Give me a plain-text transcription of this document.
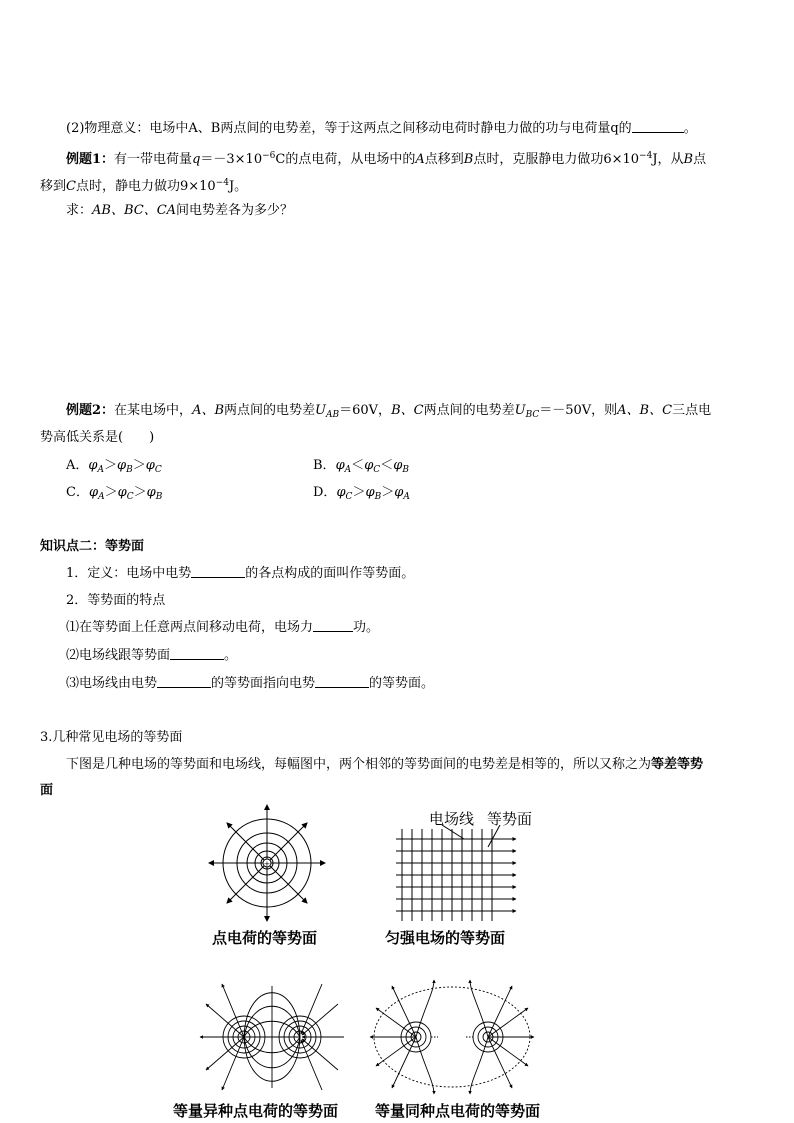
(2)物理意义：电场中A、B两点间的电势差，等于这两点之间移动电荷时静电力做的功与电荷量q的	。
例题1：有一带电荷量$q=-3\times 10^{-6}C$的点电荷，从电场中的A点移到B点时，克服静电力做功$6\times 10^{-4}J$，从B点
移到C点时，静电力做功$9\times 10^{-4}J$。
求：AB、BC、CA间电势差各为多少？
例题2：在某电场中，A、B两点间的电势差$U_{AB}=60V$，B、C两点间的电势差$U_{BC}=-50V$，则A、B、C三点电
势高低关系是(　　)
A．$\varphi_A>\varphi_B>\varphi_C$	B．$\varphi_A<\varphi_C<\varphi_B$
C．$\varphi_A>\varphi_C>\varphi_B$	D．$\varphi_C>\varphi_B>\varphi_A$
知识点二：等势面
1．定义：电场中电势	的各点构成的面叫作等势面。
2．等势面的特点
⑴在等势面上任意两点间移动电荷，电场力	功。
⑵电场线跟等势面	。
⑶电场线由电势	的等势面指向电势	的等势面。
3.几种常见电场的等势面
下图是几种电场的等势面和电场线，每幅图中，两个相邻的等势面间的电势差是相等的，所以又称之为等差等势
面
+
点电荷的等势面
电场线 等势面
匀强电场的等势面
等量异种点电荷的等势面 等量同种点电荷的等势面
